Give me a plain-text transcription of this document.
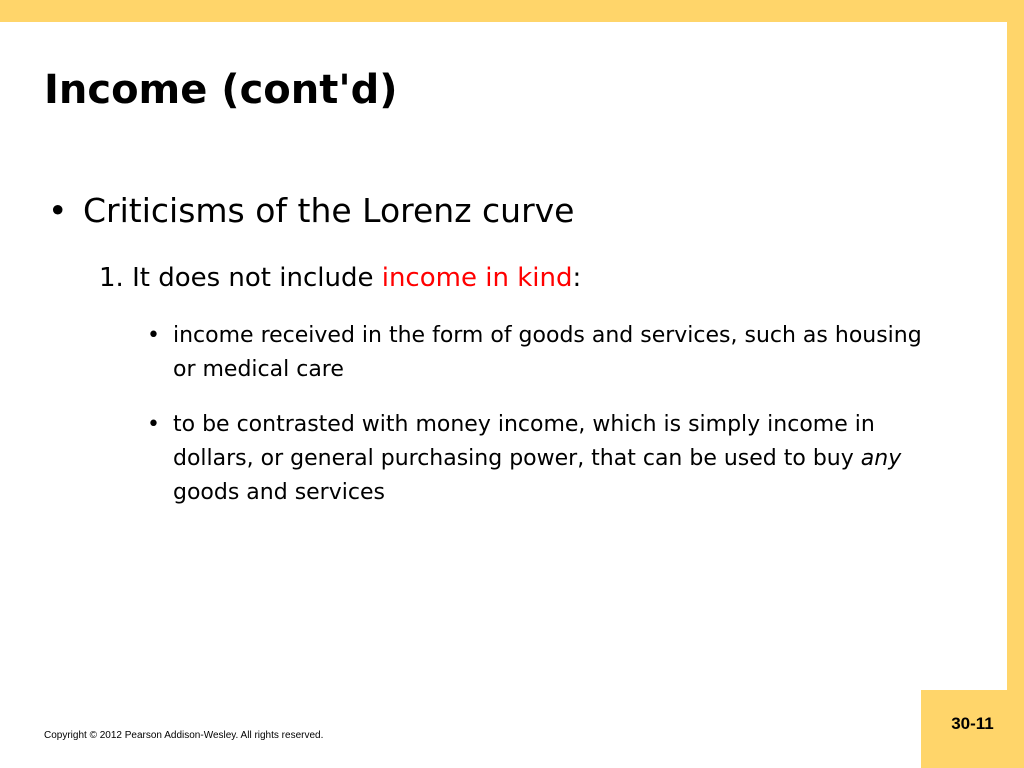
30-11
Income (cont'd)
• Criticisms of the Lorenz curve
1. It does not include income in kind:
• income received in the form of goods and services, such as housing or medical care
• to be contrasted with money income, which is simply income in dollars, or general purchasing power, that can be used to buy any goods and services
Copyright © 2012 Pearson Addison-Wesley. All rights reserved.
